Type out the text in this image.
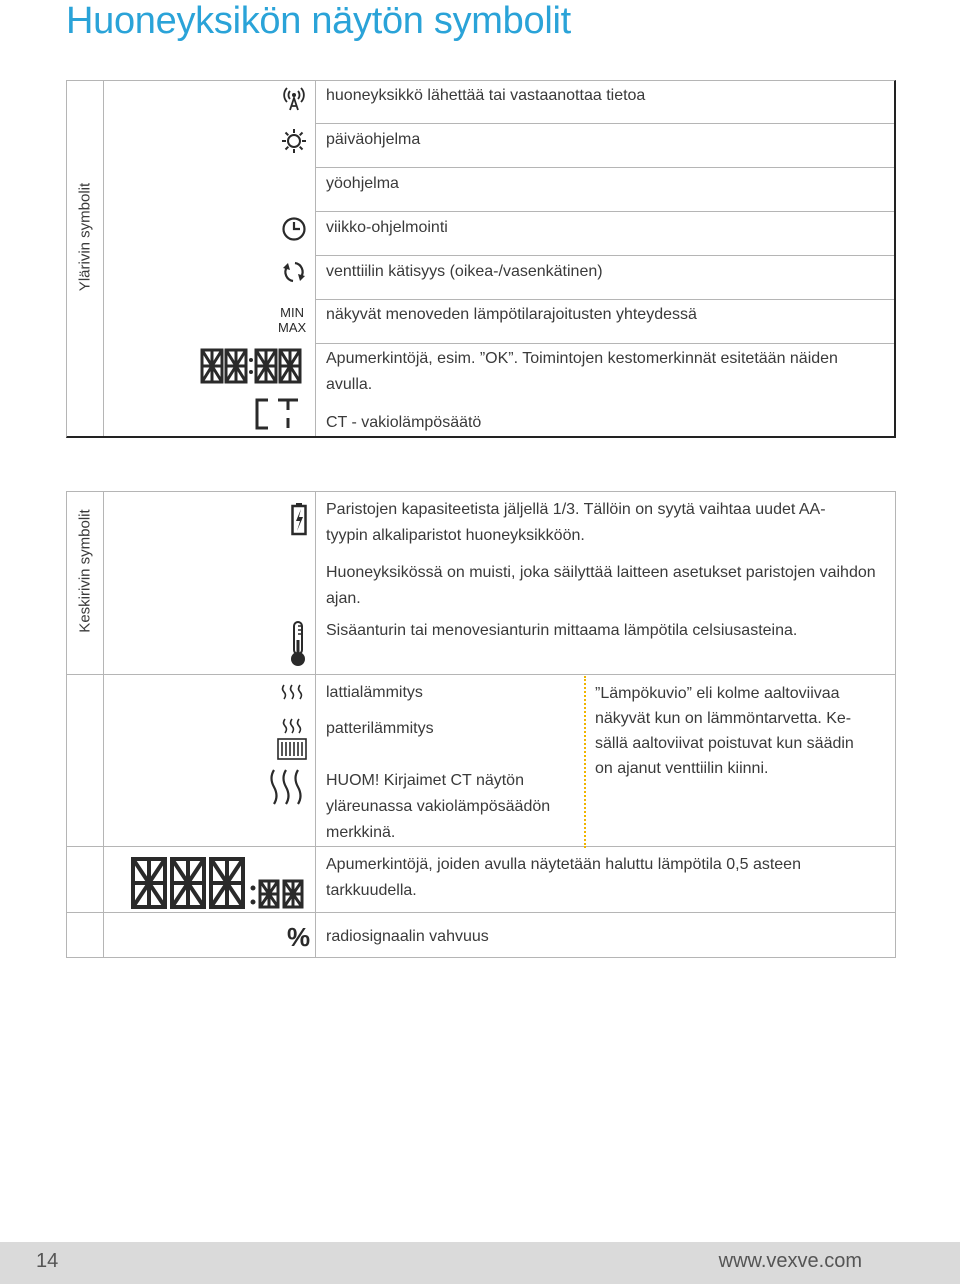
Huoneyksikön näytön symbolit
Ylärivin symbolit
MIN
MAX
huoneyksikkö lähettää tai vastaanottaa tietoa
päiväohjelma
yöohjelma
viikko-ohjelmointi
venttiilin kätisyys (oikea-/vasenkätinen)
näkyvät menoveden lämpötilarajoitusten yhteydessä
Apumerkintöjä, esim. ”OK”. Toimintojen kestomerkinnät esitetään näiden avulla.
CT - vakiolämpösäätö
Keskirivin symbolit
%
Paristojen kapasiteetista jäljellä 1/3. Tällöin on syytä vaihtaa uudet AA-tyypin alkaliparistot huoneyksikköön.
Huoneyksikössä on muisti, joka säilyttää laitteen asetukset paristojen vaihdon ajan.
Sisäanturin tai menovesianturin mittaama lämpötila celsiusasteina.
lattialämmitys
patterilämmitys
HUOM! Kirjaimet CT näytön yläreunassa vakiolämpösäädön merkkinä.
”Lämpökuvio” eli kolme aaltoviivaa
näkyvät kun on lämmöntarvetta. Ke-
sällä aaltoviivat poistuvat kun säädin
on ajanut venttiilin kiinni.
Apumerkintöjä, joiden avulla näytetään haluttu lämpötila 0,5 asteen tarkkuudella.
radiosignaalin vahvuus
14	www.vexve.com
